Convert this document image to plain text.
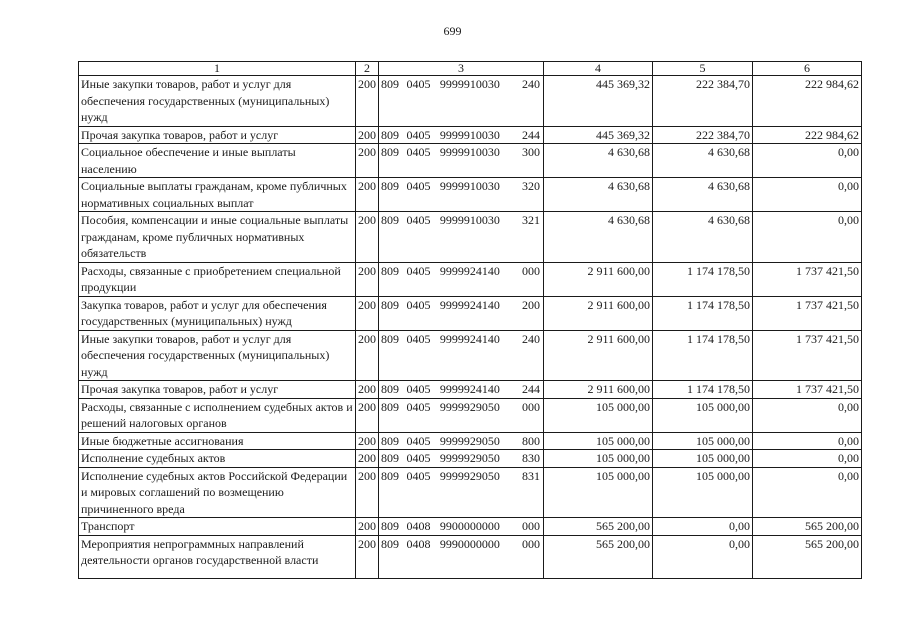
699
1	2	3	4	5	6
Иные закупки товаров, работ и услуг для обеспечения государственных (муниципальных) нужд	200	809 0405 9999910030 240	445 369,32	222 384,70	222 984,62
Прочая закупка товаров, работ и услуг	200	809 0405 9999910030 244	445 369,32	222 384,70	222 984,62
Социальное обеспечение и иные выплаты населению	200	809 0405 9999910030 300	4 630,68	4 630,68	0,00
Социальные выплаты гражданам, кроме публичных нормативных социальных выплат	200	809 0405 9999910030 320	4 630,68	4 630,68	0,00
Пособия, компенсации и иные социальные выплаты гражданам, кроме публичных нормативных обязательств	200	809 0405 9999910030 321	4 630,68	4 630,68	0,00
Расходы, связанные с приобретением специальной продукции	200	809 0405 9999924140 000	2 911 600,00	1 174 178,50	1 737 421,50
Закупка товаров, работ и услуг для обеспечения государственных (муниципальных) нужд	200	809 0405 9999924140 200	2 911 600,00	1 174 178,50	1 737 421,50
Иные закупки товаров, работ и услуг для обеспечения государственных (муниципальных) нужд	200	809 0405 9999924140 240	2 911 600,00	1 174 178,50	1 737 421,50
Прочая закупка товаров, работ и услуг	200	809 0405 9999924140 244	2 911 600,00	1 174 178,50	1 737 421,50
Расходы, связанные с исполнением судебных актов и решений налоговых органов	200	809 0405 9999929050 000	105 000,00	105 000,00	0,00
Иные бюджетные ассигнования	200	809 0405 9999929050 800	105 000,00	105 000,00	0,00
Исполнение судебных актов	200	809 0405 9999929050 830	105 000,00	105 000,00	0,00
Исполнение судебных актов Российской Федерации и мировых соглашений по возмещению причиненного вреда	200	809 0405 9999929050 831	105 000,00	105 000,00	0,00
Транспорт	200	809 0408 9900000000 000	565 200,00	0,00	565 200,00
Мероприятия непрограммных направлений деятельности органов государственной власти	200	809 0408 9990000000 000	565 200,00	0,00	565 200,00
